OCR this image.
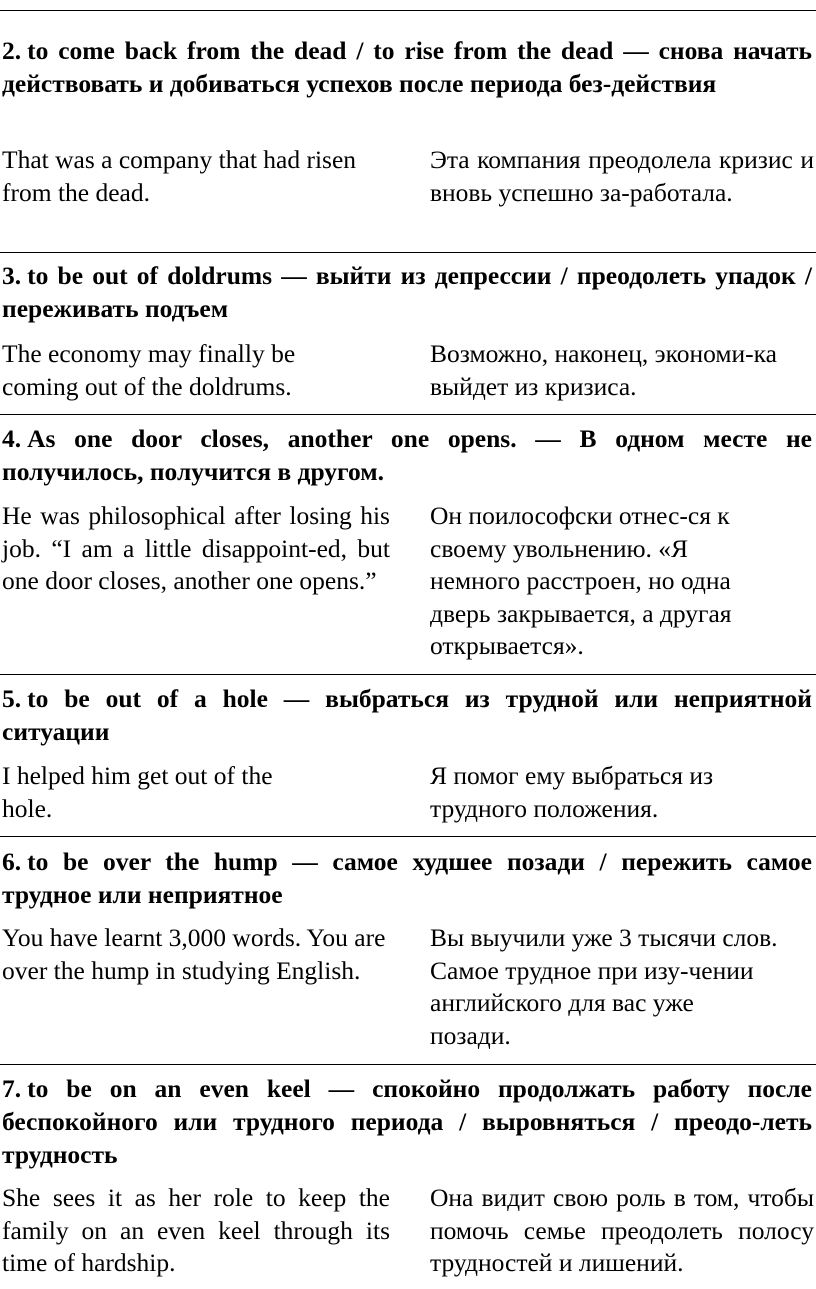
2. to come back from the dead / to rise from the dead — снова начать действовать и добиваться успехов после периода без-действия
That was a company that had risen from the dead.
Эта компания преодолела кризис и вновь успешно за-работала.
3. to be out of doldrums — выйти из депрессии / преодолеть упадок / переживать подъем
The economy may finally be coming out of the doldrums.
Возможно, наконец, экономи-ка выйдет из кризиса.
4. As one door closes, another one opens. — В одном месте не получилось, получится в другом.
He was philosophical after losing his job. “I am a little disappoint-ed, but one door closes, another one opens.”
Он поилософски отнес-ся к своему увольнению. «Я немного расстроен, но одна дверь закрывается, а другая открывается».
5. to be out of a hole — выбраться из трудной или неприятной ситуации
I helped him get out of the hole.
Я помог ему выбраться из трудного положения.
6. to be over the hump — самое худшее позади / пережить самое трудное или неприятное
You have learnt 3,000 words. You are over the hump in studying English.
Вы выучили уже 3 тысячи слов. Самое трудное при изу-чении английского для вас уже позади.
7. to be on an even keel — спокойно продолжать работу после беспокойного или трудного периода / выровняться / преодо-леть трудность
She sees it as her role to keep the family on an even keel through its time of hardship.
Она видит свою роль в том, чтобы помочь семье преодолеть полосу трудностей и лишений.
